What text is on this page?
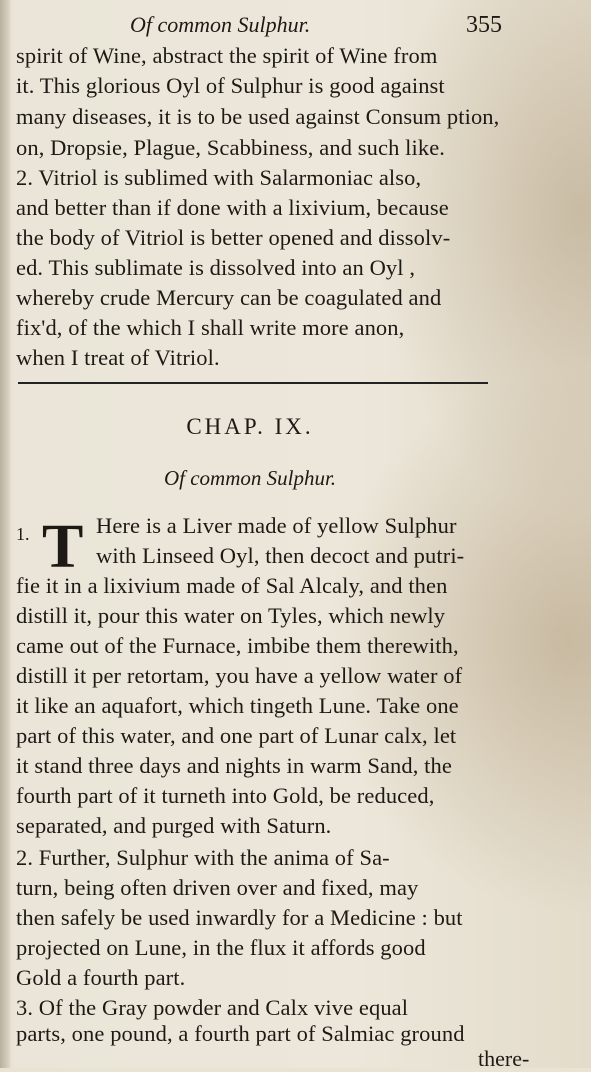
Of common Sulphur.	355
spirit of Wine, abstract the spirit of Wine from
it. This glorious Oyl of Sulphur is good against
many diseases, it is to be used against Consum ption,
on, Dropsie, Plague, Scabbiness, and such like.
2. Vitriol is sublimed with Salarmoniac also,
and better than if done with a lixivium, because
the body of Vitriol is better opened and dissolv-
ed. This sublimate is dissolved into an Oyl ,
whereby crude Mercury can be coagulated and
fix'd, of the which I shall write more anon,
when I treat of Vitriol.
CHAP. IX.
Of common Sulphur.
1. T Here is a Liver made of yellow Sulphur
with Linseed Oyl, then decoct and putri-
fie it in a lixivium made of Sal Alcaly, and then
distill it, pour this water on Tyles, which newly
came out of the Furnace, imbibe them therewith,
distill it per retortam, you have a yellow water of
it like an aquafort, which tingeth Lune. Take one
part of this water, and one part of Lunar calx, let
it stand three days and nights in warm Sand, the
fourth part of it turneth into Gold, be reduced,
separated, and purged with Saturn.
2. Further, Sulphur with the anima of Sa-
turn, being often driven over and fixed, may
then safely be used inwardly for a Medicine : but
projected on Lune, in the flux it affords good
Gold a fourth part.
3. Of the Gray powder and Calx vive equal
parts, one pound, a fourth part of Salmiac ground
there-
